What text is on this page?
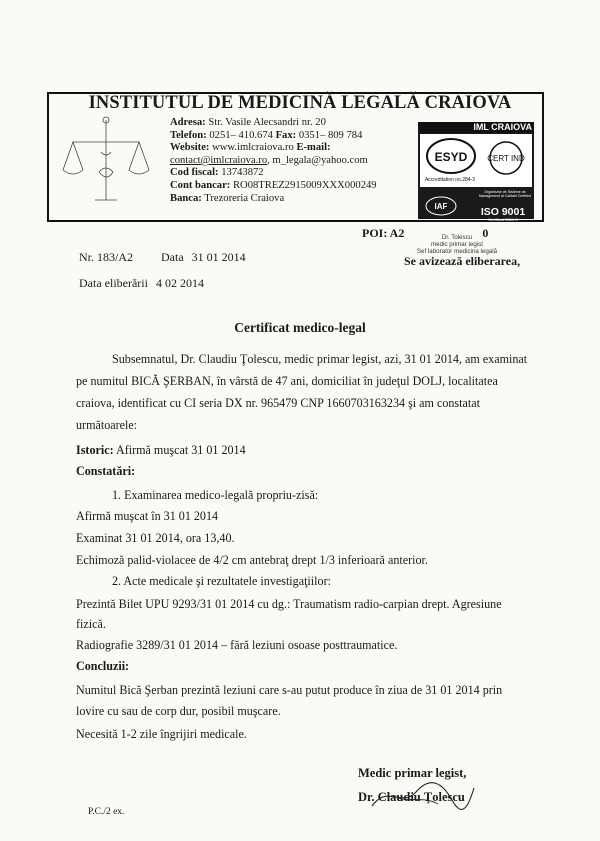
INSTITUTUL DE MEDICINĂ LEGALĂ CRAIOVA
Adresa: Str. Vasile Alecsandri nr. 20
Telefon: 0251– 410.674 Fax: 0351– 809 784
Website: www.imlcraiova.ro E-mail:
contact@imlcraiova.ro, m_legala@yahoo.com
Cod fiscal: 13743872
Cont bancar: RO08TREZ2915009XXX000249
Banca: Trezoreria Craiova
IML CRAIOVA
ESYD CERT IND
Accreditation no.284-3
Organisme de Sisteme de Management al Calitatii Certified
IAF	ISO 9001
Certificat 3864 C
POI: A2	0
Dr. Tolescu
medic primar legist
Sef laborator medicina legală
Se avizează eliberarea,
Nr. 183/A2 Data 31 01 2014
Data eliberării 4 02 2014
Certificat medico-legal
Subsemnatul, Dr. Claudiu Ţolescu, medic primar legist, azi, 31 01 2014, am examinat
pe numitul BICĂ ŞERBAN, în vârstă de 47 ani, domiciliat în judeţul DOLJ, localitatea
craiova, identificat cu CI seria DX nr. 965479 CNP 1660703163234 şi am constatat
următoarele:
Istoric: Afirmă muşcat 31 01 2014
Constatări:
1. Examinarea medico-legală propriu-zisă:
Afirmă muşcat în 31 01 2014
Examinat 31 01 2014, ora 13,40.
Echimoză palid-violacee de 4/2 cm antebraţ drept 1/3 inferioară anterior.
2. Acte medicale şi rezultatele investigaţiilor:
Prezintă Bilet UPU 9293/31 01 2014 cu dg.: Traumatism radio-carpian drept. Agresiune
fizică.
Radiografie 3289/31 01 2014 – fără leziuni osoase posttraumatice.
Concluzii:
Numitul Bică Şerban prezintă leziuni care s-au putut produce în ziua de 31 01 2014 prin
lovire cu sau de corp dur, posibil muşcare.
Necesită 1-2 zile îngrijiri medicale.
Medic primar legist,
Dr. Claudiu Ţolescu
P.C./2 ex.
